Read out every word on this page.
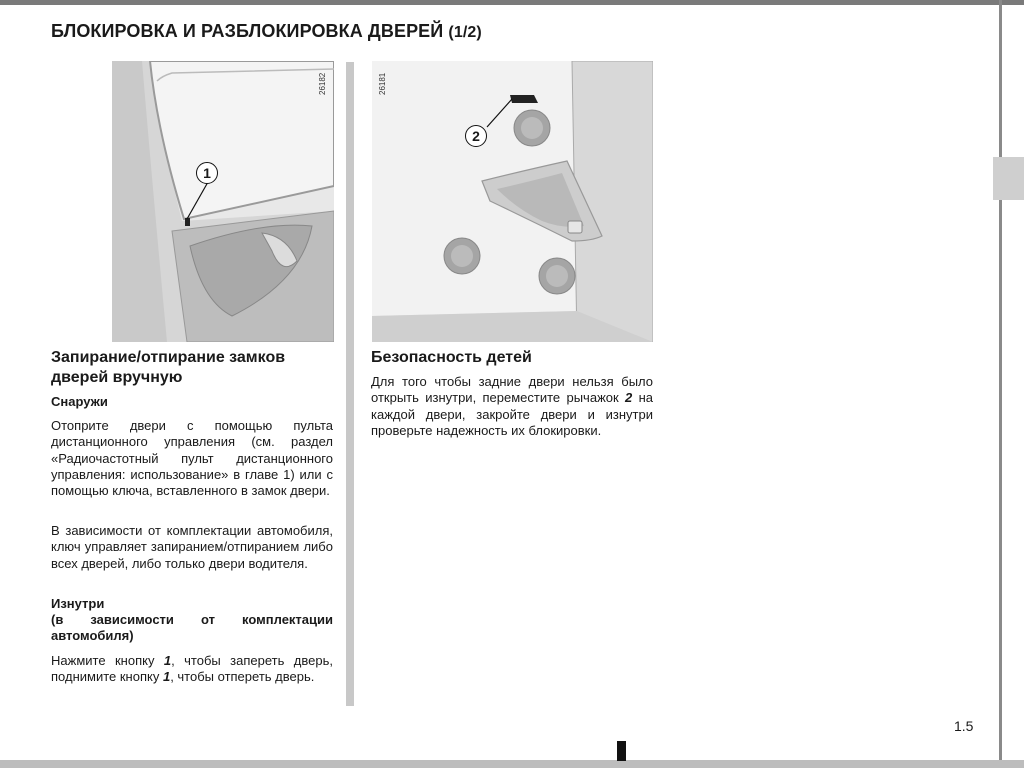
БЛОКИРОВКА И РАЗБЛОКИРОВКА ДВЕРЕЙ (1/2)
1
26182
2
26181
Запирание/отпирание замков дверей вручную
Снаружи
Отоприте двери с помощью пульта дистанционного управления (см. раздел «Радиочастотный пульт дистанционного управления: использование» в главе 1) или с помощью ключа, вставленного в замок двери.
В зависимости от комплектации автомобиля, ключ управляет запиранием/отпиранием либо всех дверей, либо только двери водителя.
Изнутри
(в зависимости от комплектации автомобиля)
Нажмите кнопку 1, чтобы запереть дверь, поднимите кнопку 1, чтобы отпереть дверь.
Безопасность детей
Для того чтобы задние двери нельзя было открыть изнутри, переместите рычажок 2 на каждой двери, закройте двери и изнутри проверьте надежность их блокировки.
1.5
